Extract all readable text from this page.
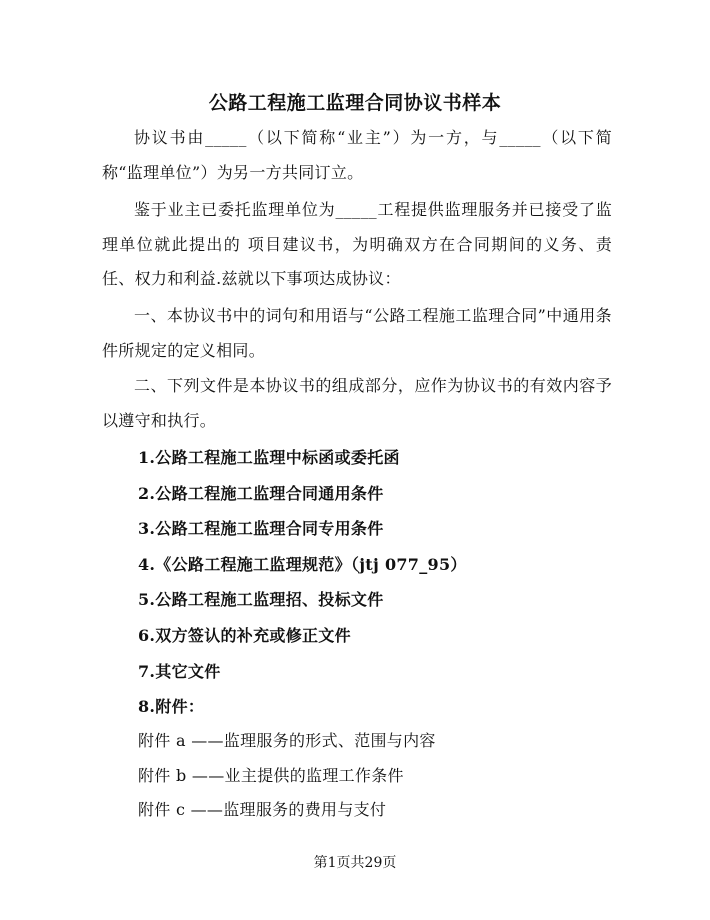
公路工程施工监理合同协议书样本

协议书由_____（以下简称“业主”）为一方，与_____（以下简称“监理单位”）为另一方共同订立。

鉴于业主已委托监理单位为_____工程提供监理服务并已接受了监理单位就此提出的 项目建议书，为明确双方在合同期间的义务、责任、权力和利益.兹就以下事项达成协议：

一、本协议书中的词句和用语与“公路工程施工监理合同”中通用条件所规定的定义相同。

二、下列文件是本协议书的组成部分，应作为协议书的有效内容予以遵守和执行。

1.公路工程施工监理中标函或委托函
2.公路工程施工监理合同通用条件
3.公路工程施工监理合同专用条件
4.《公路工程施工监理规范》（jtj 077_95）
5.公路工程施工监理招、投标文件
6.双方签认的补充或修正文件
7.其它文件
8.附件：
附件 a ——监理服务的形式、范围与内容
附件 b ——业主提供的监理工作条件
附件 c ——监理服务的费用与支付
第1页共29页
